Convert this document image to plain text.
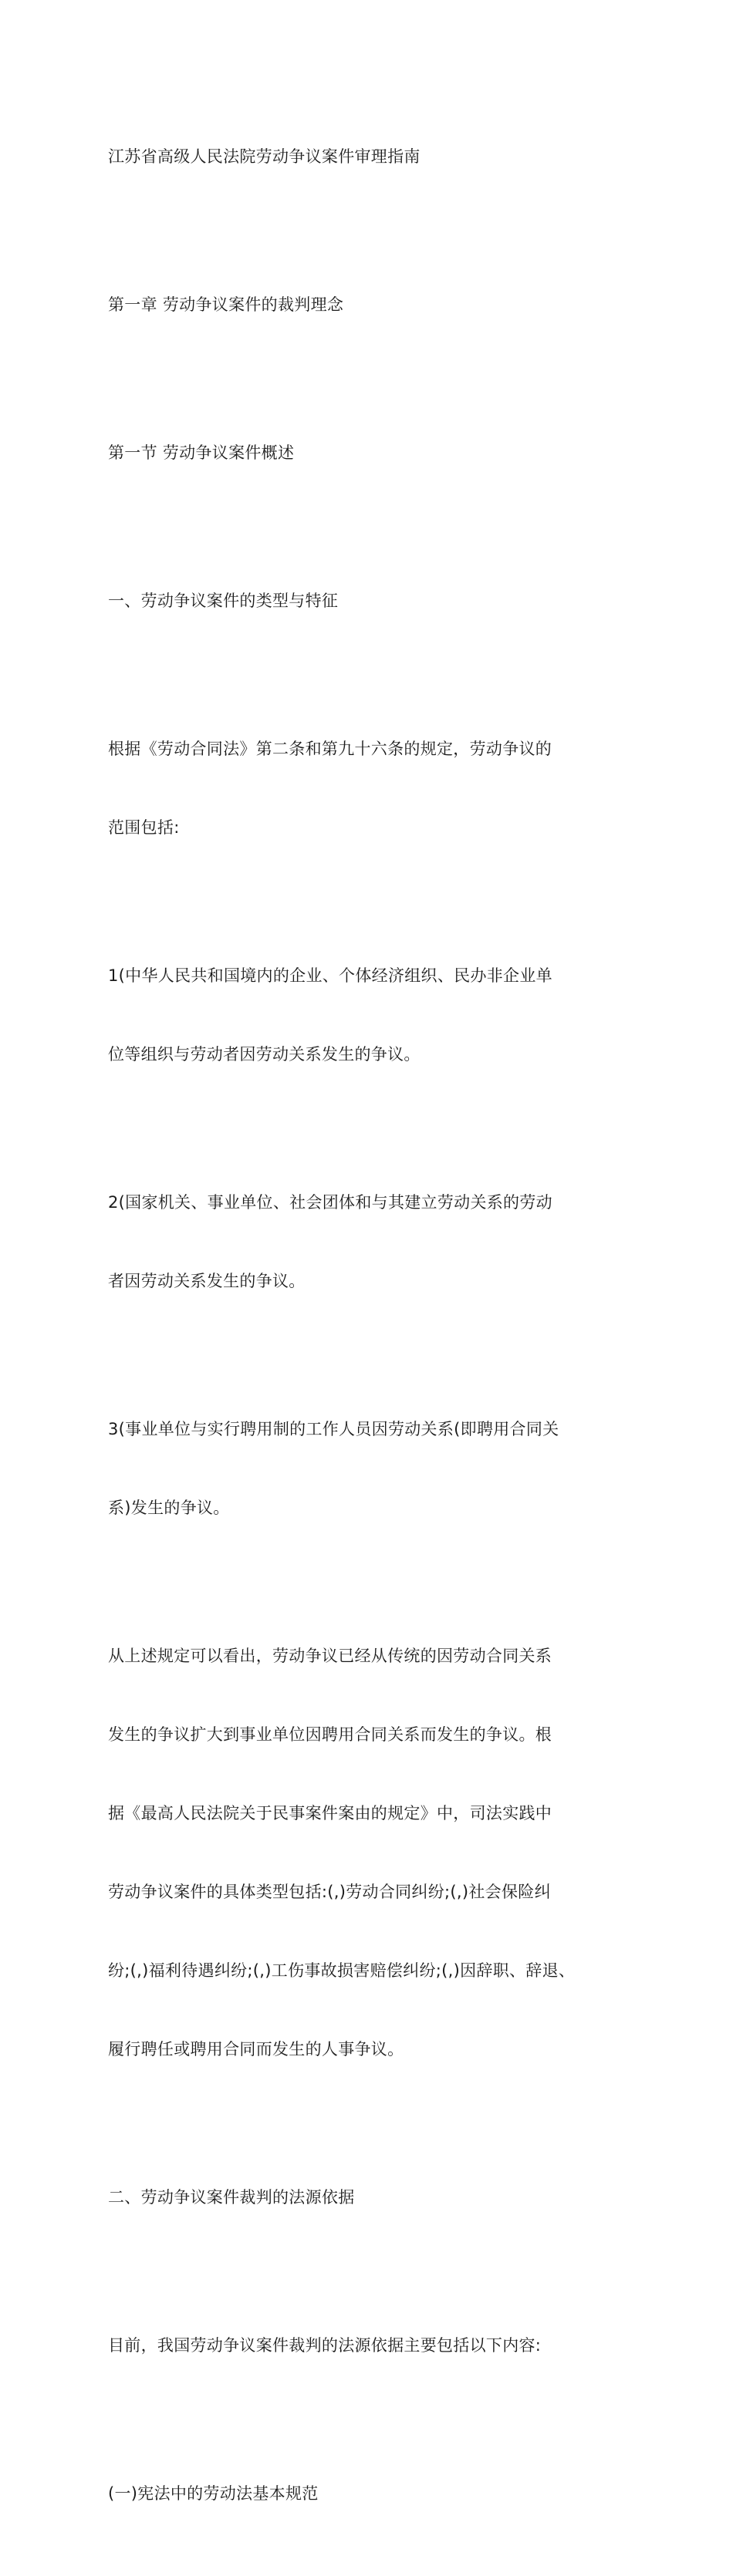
江苏省高级人民法院劳动争议案件审理指南

第一章 劳动争议案件的裁判理念

第一节 劳动争议案件概述

一、劳动争议案件的类型与特征

根据《劳动合同法》第二条和第九十六条的规定，劳动争议的

范围包括:

1(中华人民共和国境内的企业、个体经济组织、民办非企业单

位等组织与劳动者因劳动关系发生的争议。

2(国家机关、事业单位、社会团体和与其建立劳动关系的劳动

者因劳动关系发生的争议。

3(事业单位与实行聘用制的工作人员因劳动关系(即聘用合同关

系)发生的争议。

从上述规定可以看出，劳动争议已经从传统的因劳动合同关系

发生的争议扩大到事业单位因聘用合同关系而发生的争议。根

据《最高人民法院关于民事案件案由的规定》中，司法实践中

劳动争议案件的具体类型包括:(,)劳动合同纠纷;(,)社会保险纠

纷;(,)福利待遇纠纷;(,)工伤事故损害赔偿纠纷;(,)因辞职、辞退、

履行聘任或聘用合同而发生的人事争议。

二、劳动争议案件裁判的法源依据

目前，我国劳动争议案件裁判的法源依据主要包括以下内容:

(一)宪法中的劳动法基本规范
